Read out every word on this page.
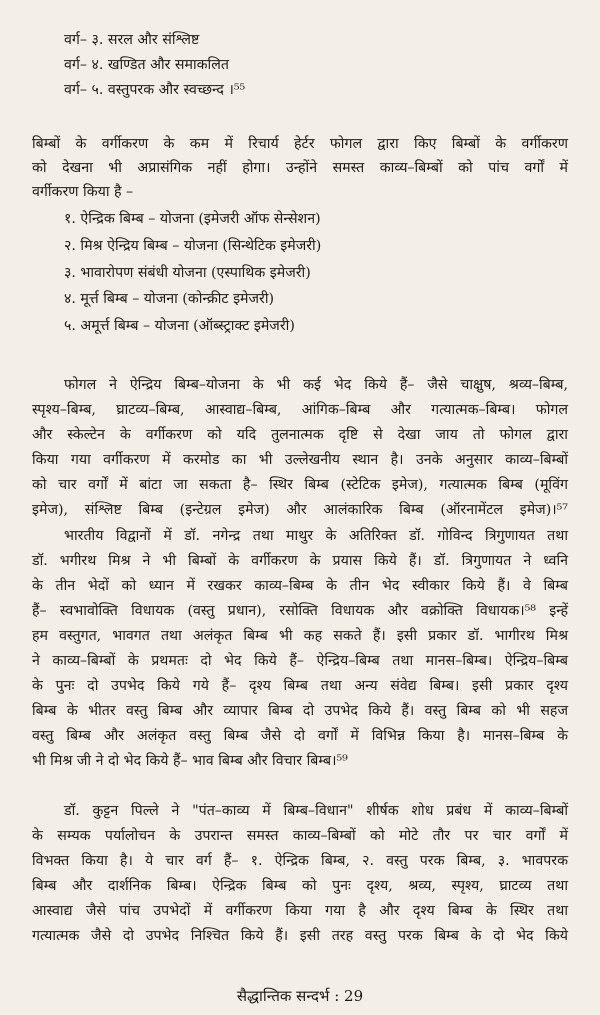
वर्ग– ३. सरल और संश्लिष्ट
वर्ग– ४. खण्डित और समाकलित
वर्ग– ५. वस्तुपरक और स्वच्छन्द ।⁵⁵
बिम्बों के वर्गीकरण के कम में रिचार्य हेर्टर फोगल द्वारा किए बिम्बों के वर्गीकरण
को देखना भी अप्रासंगिक नहीं होगा। उन्होंने समस्त काव्य–बिम्बों को पांच वर्गों में
वर्गीकरण किया है –
१. ऐन्द्रिक बिम्ब – योजना (इमेजरी ऑफ सेन्सेशन)
२. मिश्र ऐन्द्रिय बिम्ब – योजना (सिन्थेटिक इमेजरी)
३. भावारोपण संबंधी योजना (एस्पाथिक इमेजरी)
४. मूर्त्त बिम्ब – योजना (कोन्क्रीट इमेजरी)
५. अमूर्त्त बिम्ब – योजना (ऑब्स्ट्राक्ट इमेजरी)
फोगल ने ऐन्द्रिय बिम्ब–योजना के भी कई भेद किये हैं– जैसे चाक्षुष, श्रव्य–बिम्ब,
स्पृश्य–बिम्ब, घ्राटव्य–बिम्ब, आस्वाद्य–बिम्ब, आंगिक–बिम्ब और गत्यात्मक–बिम्ब। फोगल
और स्केल्टेन के वर्गीकरण को यदि तुलनात्मक दृष्टि से देखा जाय तो फोगल द्वारा
किया गया वर्गीकरण में करमोड का भी उल्लेखनीय स्थान है। उनके अनुसार काव्य–बिम्बों
को चार वर्गों में बांटा जा सकता है– स्थिर बिम्ब (स्टेटिक इमेज), गत्यात्मक बिम्ब (मूविंग
इमेज), संश्लिष्ट बिम्ब (इन्टेग्रल इमेज) और आलंकारिक बिम्ब (ऑरनामेंटल इमेज)।⁵⁷
भारतीय विद्वानों में डॉ. नगेन्द्र तथा माथुर के अतिरिक्त डॉ. गोविन्द त्रिगुणायत तथा
डॉ. भगीरथ मिश्र ने भी बिम्बों के वर्गीकरण के प्रयास किये हैं। डॉ. त्रिगुणायत ने ध्वनि
के तीन भेदों को ध्यान में रखकर काव्य–बिम्ब के तीन भेद स्वीकार किये हैं। वे बिम्ब
हैं– स्वभावोक्ति विधायक (वस्तु प्रधान), रसोक्ति विधायक और वक्रोक्ति विधायक।⁵⁸ इन्हें
हम वस्तुगत, भावगत तथा अलंकृत बिम्ब भी कह सकते हैं। इसी प्रकार डॉ. भागीरथ मिश्र
ने काव्य–बिम्बों के प्रथमतः दो भेद किये हैं– ऐन्द्रिय–बिम्ब तथा मानस–बिम्ब। ऐन्द्रिय–बिम्ब
के पुनः दो उपभेद किये गये हैं– दृश्य बिम्ब तथा अन्य संवेद्य बिम्ब। इसी प्रकार दृश्य
बिम्ब के भीतर वस्तु बिम्ब और व्यापार बिम्ब दो उपभेद किये हैं। वस्तु बिम्ब को भी सहज
वस्तु बिम्ब और अलंकृत वस्तु बिम्ब जैसे दो वर्गों में विभिन्न किया है। मानस–बिम्ब के
भी मिश्र जी ने दो भेद किये हैं– भाव बिम्ब और विचार बिम्ब।⁵⁹
डॉ. कुट्टन पिल्ले ने "पंत–काव्य में बिम्ब–विधान" शीर्षक शोध प्रबंध में काव्य–बिम्बों
के सम्यक पर्यालोचन के उपरान्त समस्त काव्य–बिम्बों को मोटे तौर पर चार वर्गों में
विभक्त किया है। ये चार वर्ग हैं– १. ऐन्द्रिक बिम्ब, २. वस्तु परक बिम्ब, ३. भावपरक
बिम्ब और दार्शनिक बिम्ब। ऐन्द्रिक बिम्ब को पुनः दृश्य, श्रव्य, स्पृश्य, घ्राटव्य तथा
आस्वाद्य जैसे पांच उपभेदों में वर्गीकरण किया गया है और दृश्य बिम्ब के स्थिर तथा
गत्यात्मक जैसे दो उपभेद निश्चित किये हैं। इसी तरह वस्तु परक बिम्ब के दो भेद किये
सैद्धान्तिक सन्दर्भ : 29
